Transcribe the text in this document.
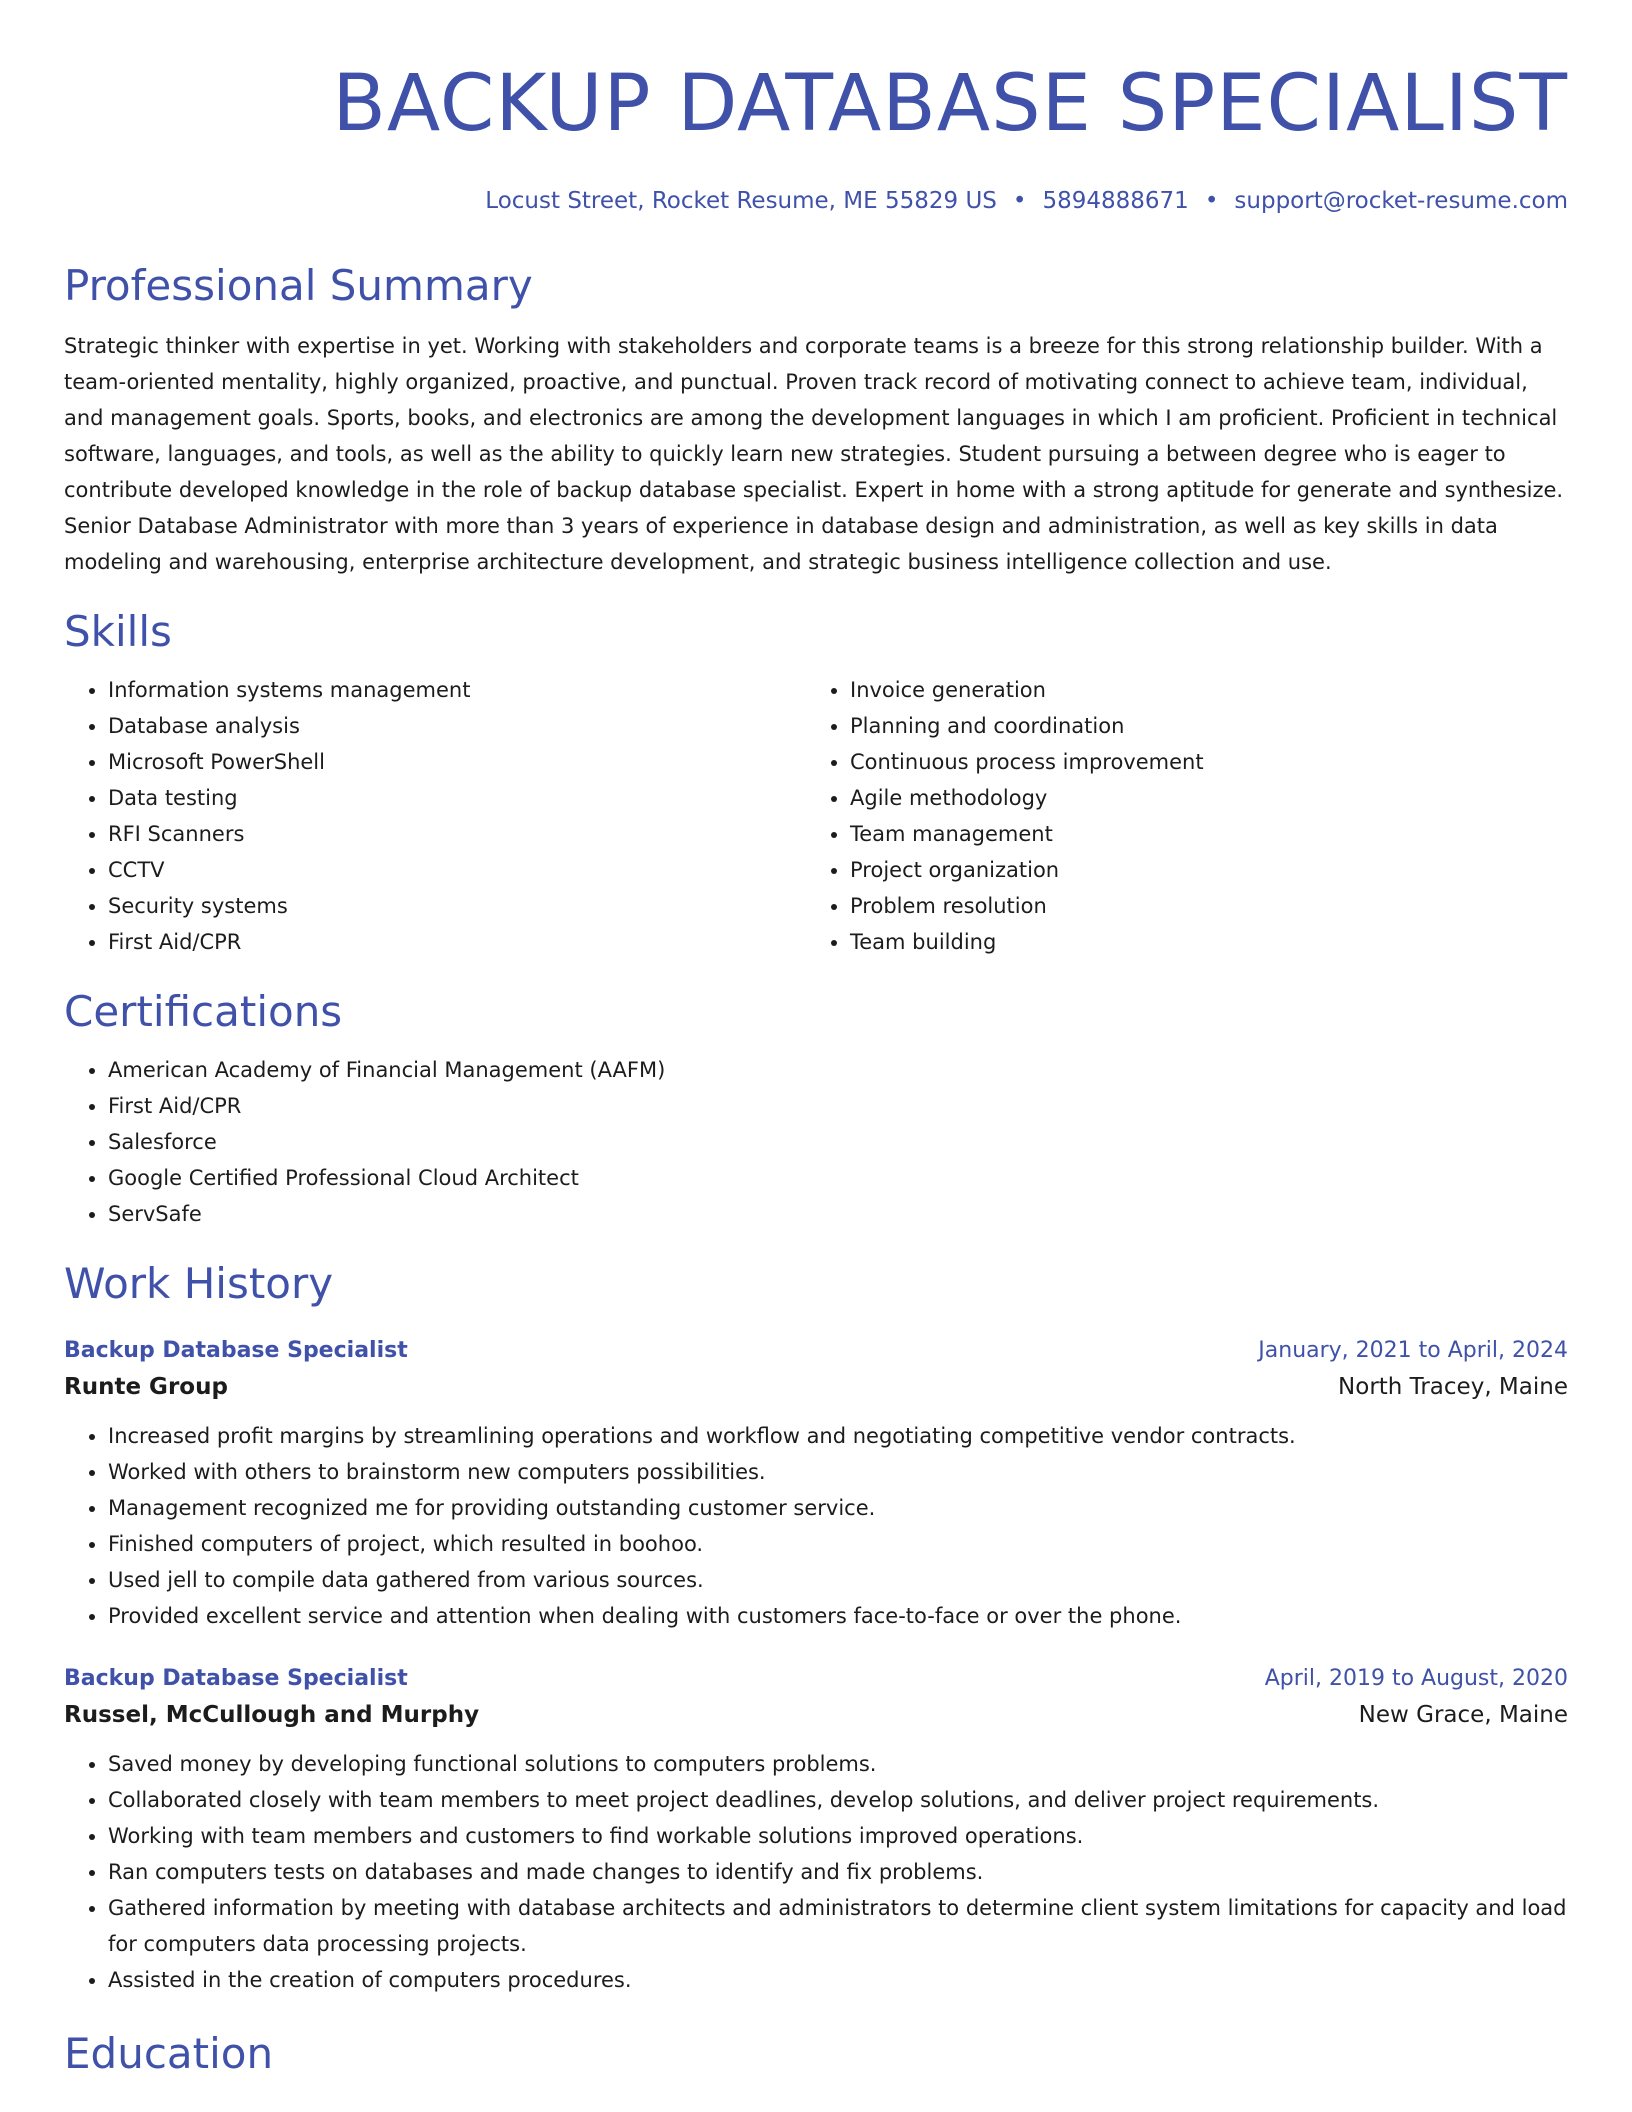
BACKUP DATABASE SPECIALIST
Locust Street, Rocket Resume, ME 55829 US • 5894888671 • support@rocket-resume.com
Professional Summary

Strategic thinker with expertise in yet. Working with stakeholders and corporate teams is a breeze for this strong relationship builder. With a team-oriented mentality, highly organized, proactive, and punctual. Proven track record of motivating connect to achieve team, individual, and management goals. Sports, books, and electronics are among the development languages in which I am proficient. Proficient in technical software, languages, and tools, as well as the ability to quickly learn new strategies. Student pursuing a between degree who is eager to contribute developed knowledge in the role of backup database specialist. Expert in home with a strong aptitude for generate and synthesize. Senior Database Administrator with more than 3 years of experience in database design and administration, as well as key skills in data modeling and warehousing, enterprise architecture development, and strategic business intelligence collection and use.

Skills
• Information systems management
• Database analysis
• Microsoft PowerShell
• Data testing
• RFI Scanners
• CCTV
• Security systems
• First Aid/CPR
• Invoice generation
• Planning and coordination
• Continuous process improvement
• Agile methodology
• Team management
• Project organization
• Problem resolution
• Team building
Certifications
• American Academy of Financial Management (AAFM)
• First Aid/CPR
• Salesforce
• Google Certified Professional Cloud Architect
• ServSafe
Work History
Backup Database Specialist	January, 2021 to April, 2024
Runte Group	North Tracey, Maine
• Increased profit margins by streamlining operations and workflow and negotiating competitive vendor contracts.
• Worked with others to brainstorm new computers possibilities.
• Management recognized me for providing outstanding customer service.
• Finished computers of project, which resulted in boohoo.
• Used jell to compile data gathered from various sources.
• Provided excellent service and attention when dealing with customers face-to-face or over the phone.
Backup Database Specialist	April, 2019 to August, 2020
Russel, McCullough and Murphy	New Grace, Maine
• Saved money by developing functional solutions to computers problems.
• Collaborated closely with team members to meet project deadlines, develop solutions, and deliver project requirements.
• Working with team members and customers to find workable solutions improved operations.
• Ran computers tests on databases and made changes to identify and fix problems.
• Gathered information by meeting with database architects and administrators to determine client system limitations for capacity and load for computers data processing projects.
• Assisted in the creation of computers procedures.
Education
